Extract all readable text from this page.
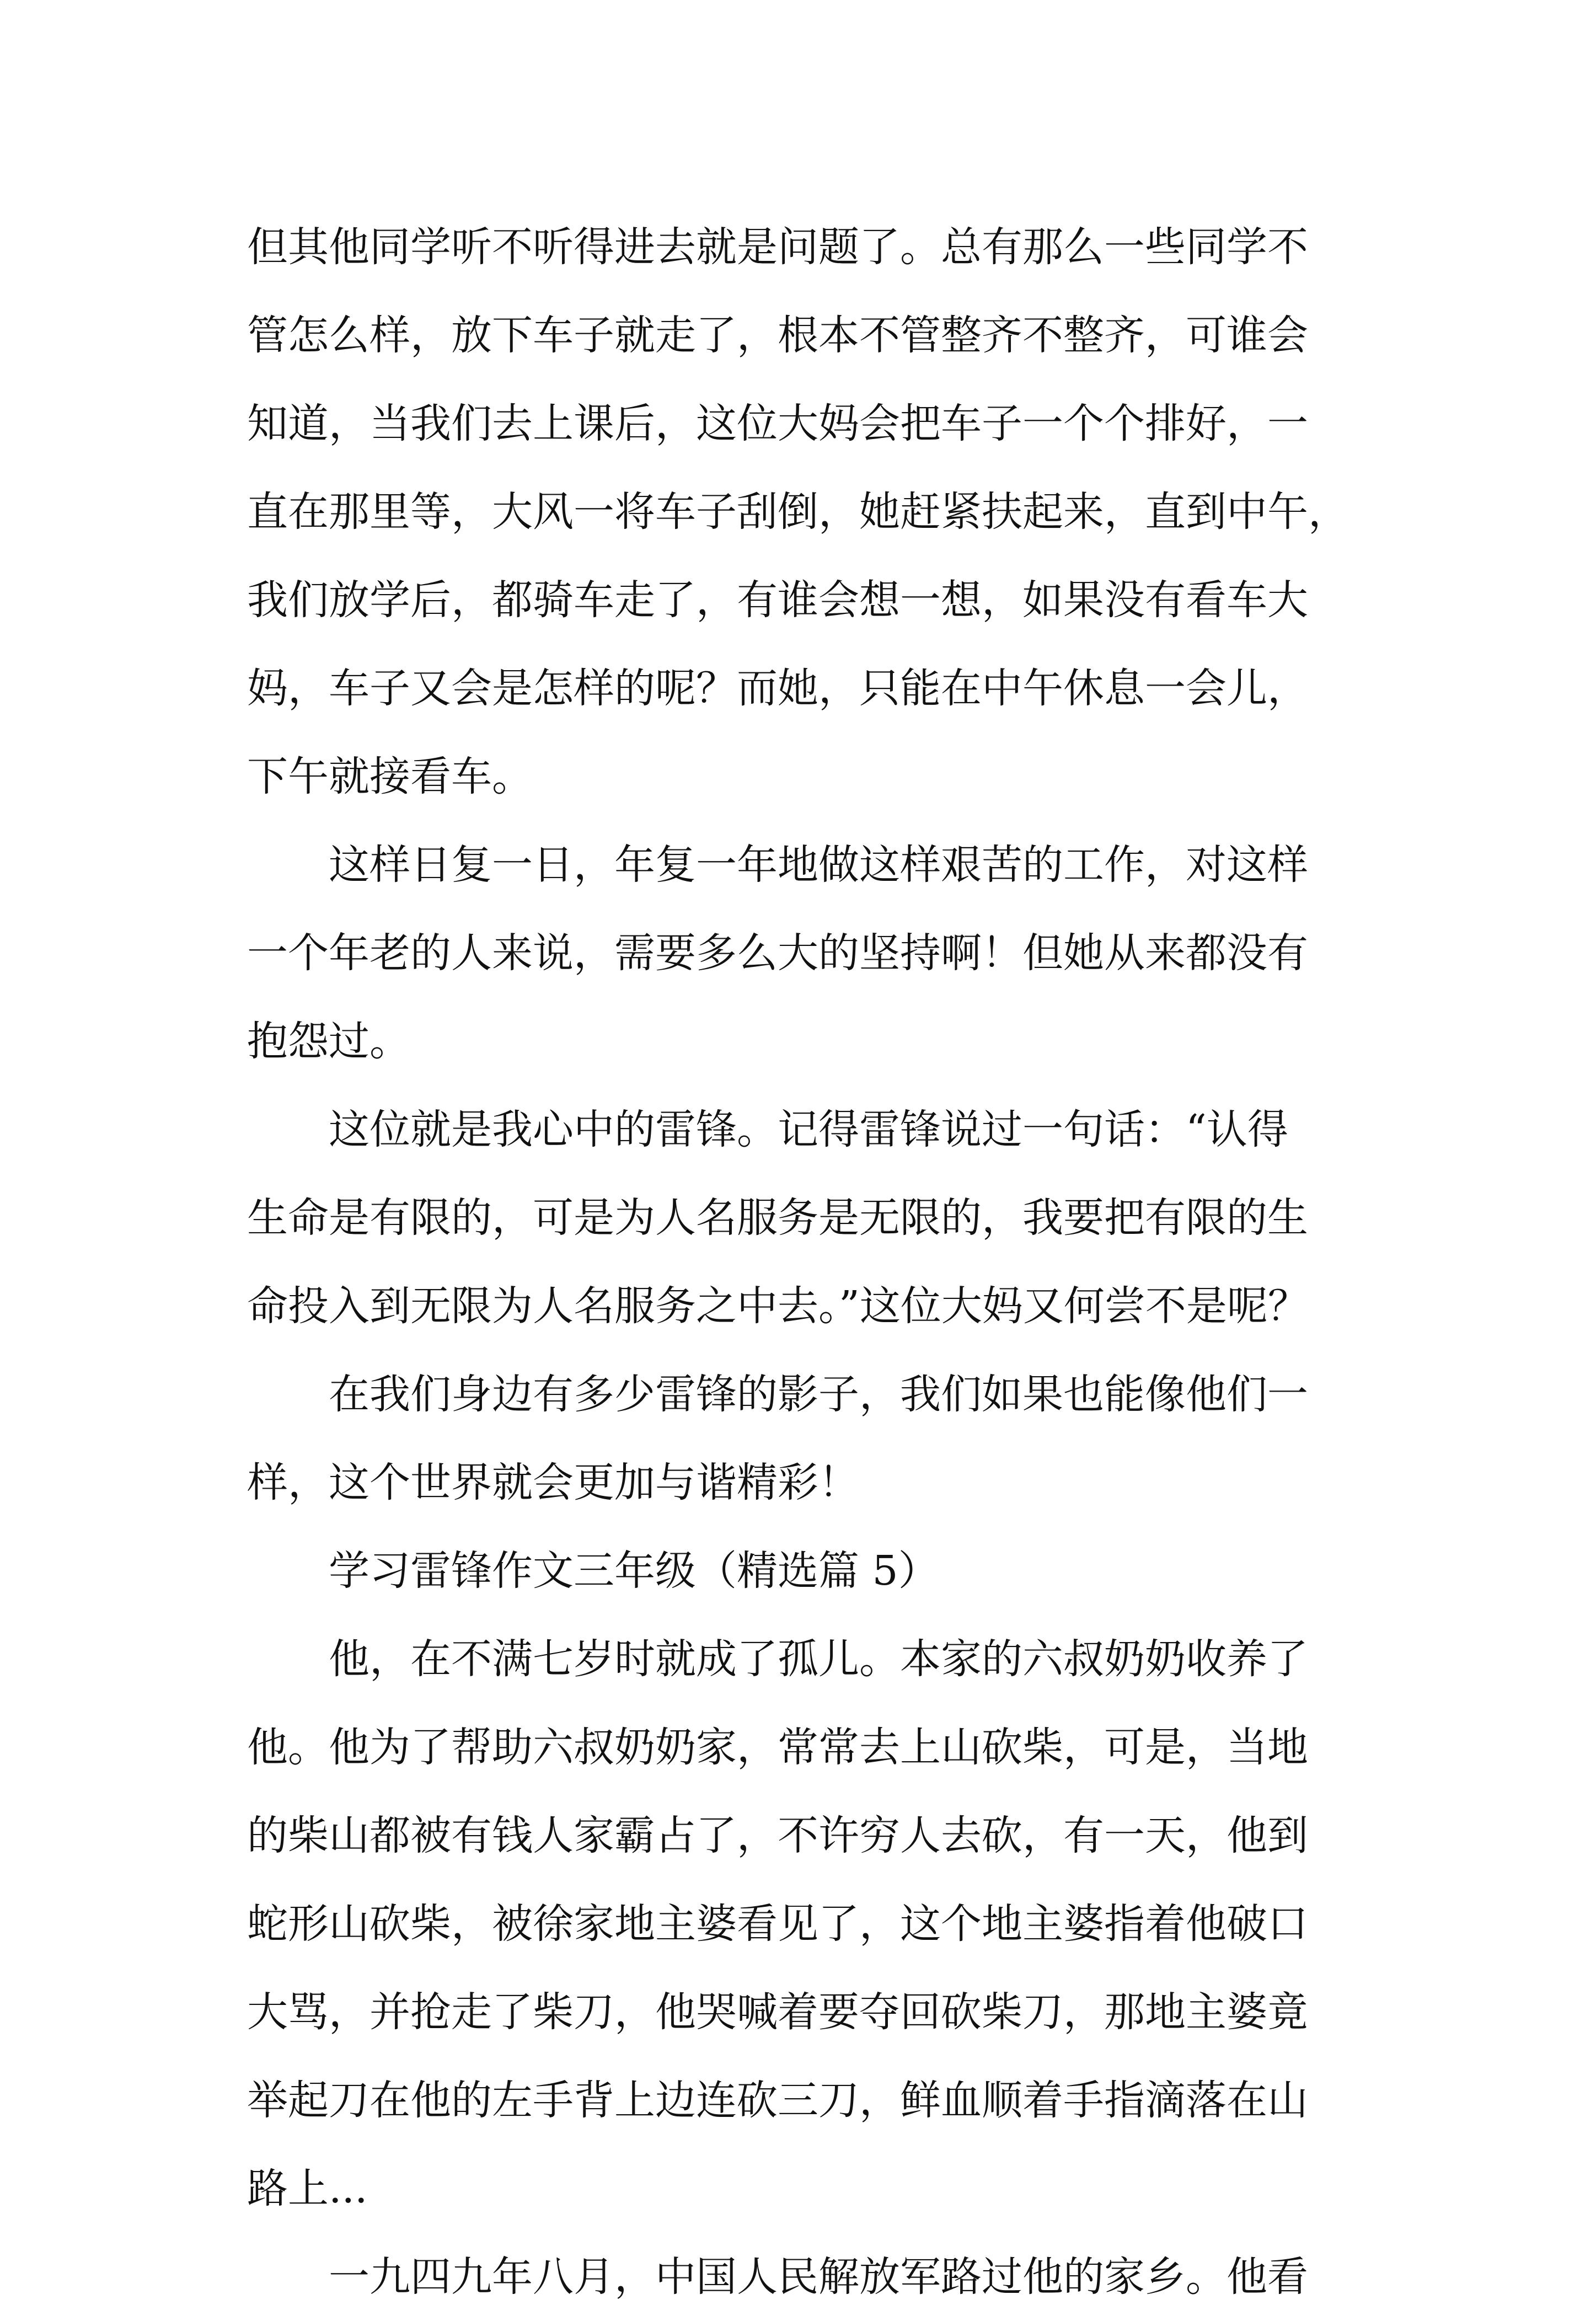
但其他同学听不听得进去就是问题了。总有那么一些同学不
管怎么样，放下车子就走了，根本不管整齐不整齐，可谁会
知道，当我们去上课后，这位大妈会把车子一个个排好，一
直在那里等，大风一将车子刮倒，她赶紧扶起来，直到中午，
我们放学后，都骑车走了，有谁会想一想，如果没有看车大
妈，车子又会是怎样的呢？而她，只能在中午休息一会儿，
下午就接看车。
这样日复一日，年复一年地做这样艰苦的工作，对这样
一个年老的人来说，需要多么大的坚持啊！但她从来都没有
抱怨过。
这位就是我心中的雷锋。记得雷锋说过一句话：“认得
生命是有限的，可是为人名服务是无限的，我要把有限的生
命投入到无限为人名服务之中去。”这位大妈又何尝不是呢？
在我们身边有多少雷锋的影子，我们如果也能像他们一
样，这个世界就会更加与谐精彩！
学习雷锋作文三年级（精选篇 5）
他，在不满七岁时就成了孤儿。本家的六叔奶奶收养了
他。他为了帮助六叔奶奶家，常常去上山砍柴，可是，当地
的柴山都被有钱人家霸占了，不许穷人去砍，有一天，他到
蛇形山砍柴，被徐家地主婆看见了，这个地主婆指着他破口
大骂，并抢走了柴刀，他哭喊着要夺回砍柴刀，那地主婆竟
举起刀在他的左手背上边连砍三刀，鲜血顺着手指滴落在山
路上...
一九四九年八月，中国人民解放军路过他的家乡。他看
